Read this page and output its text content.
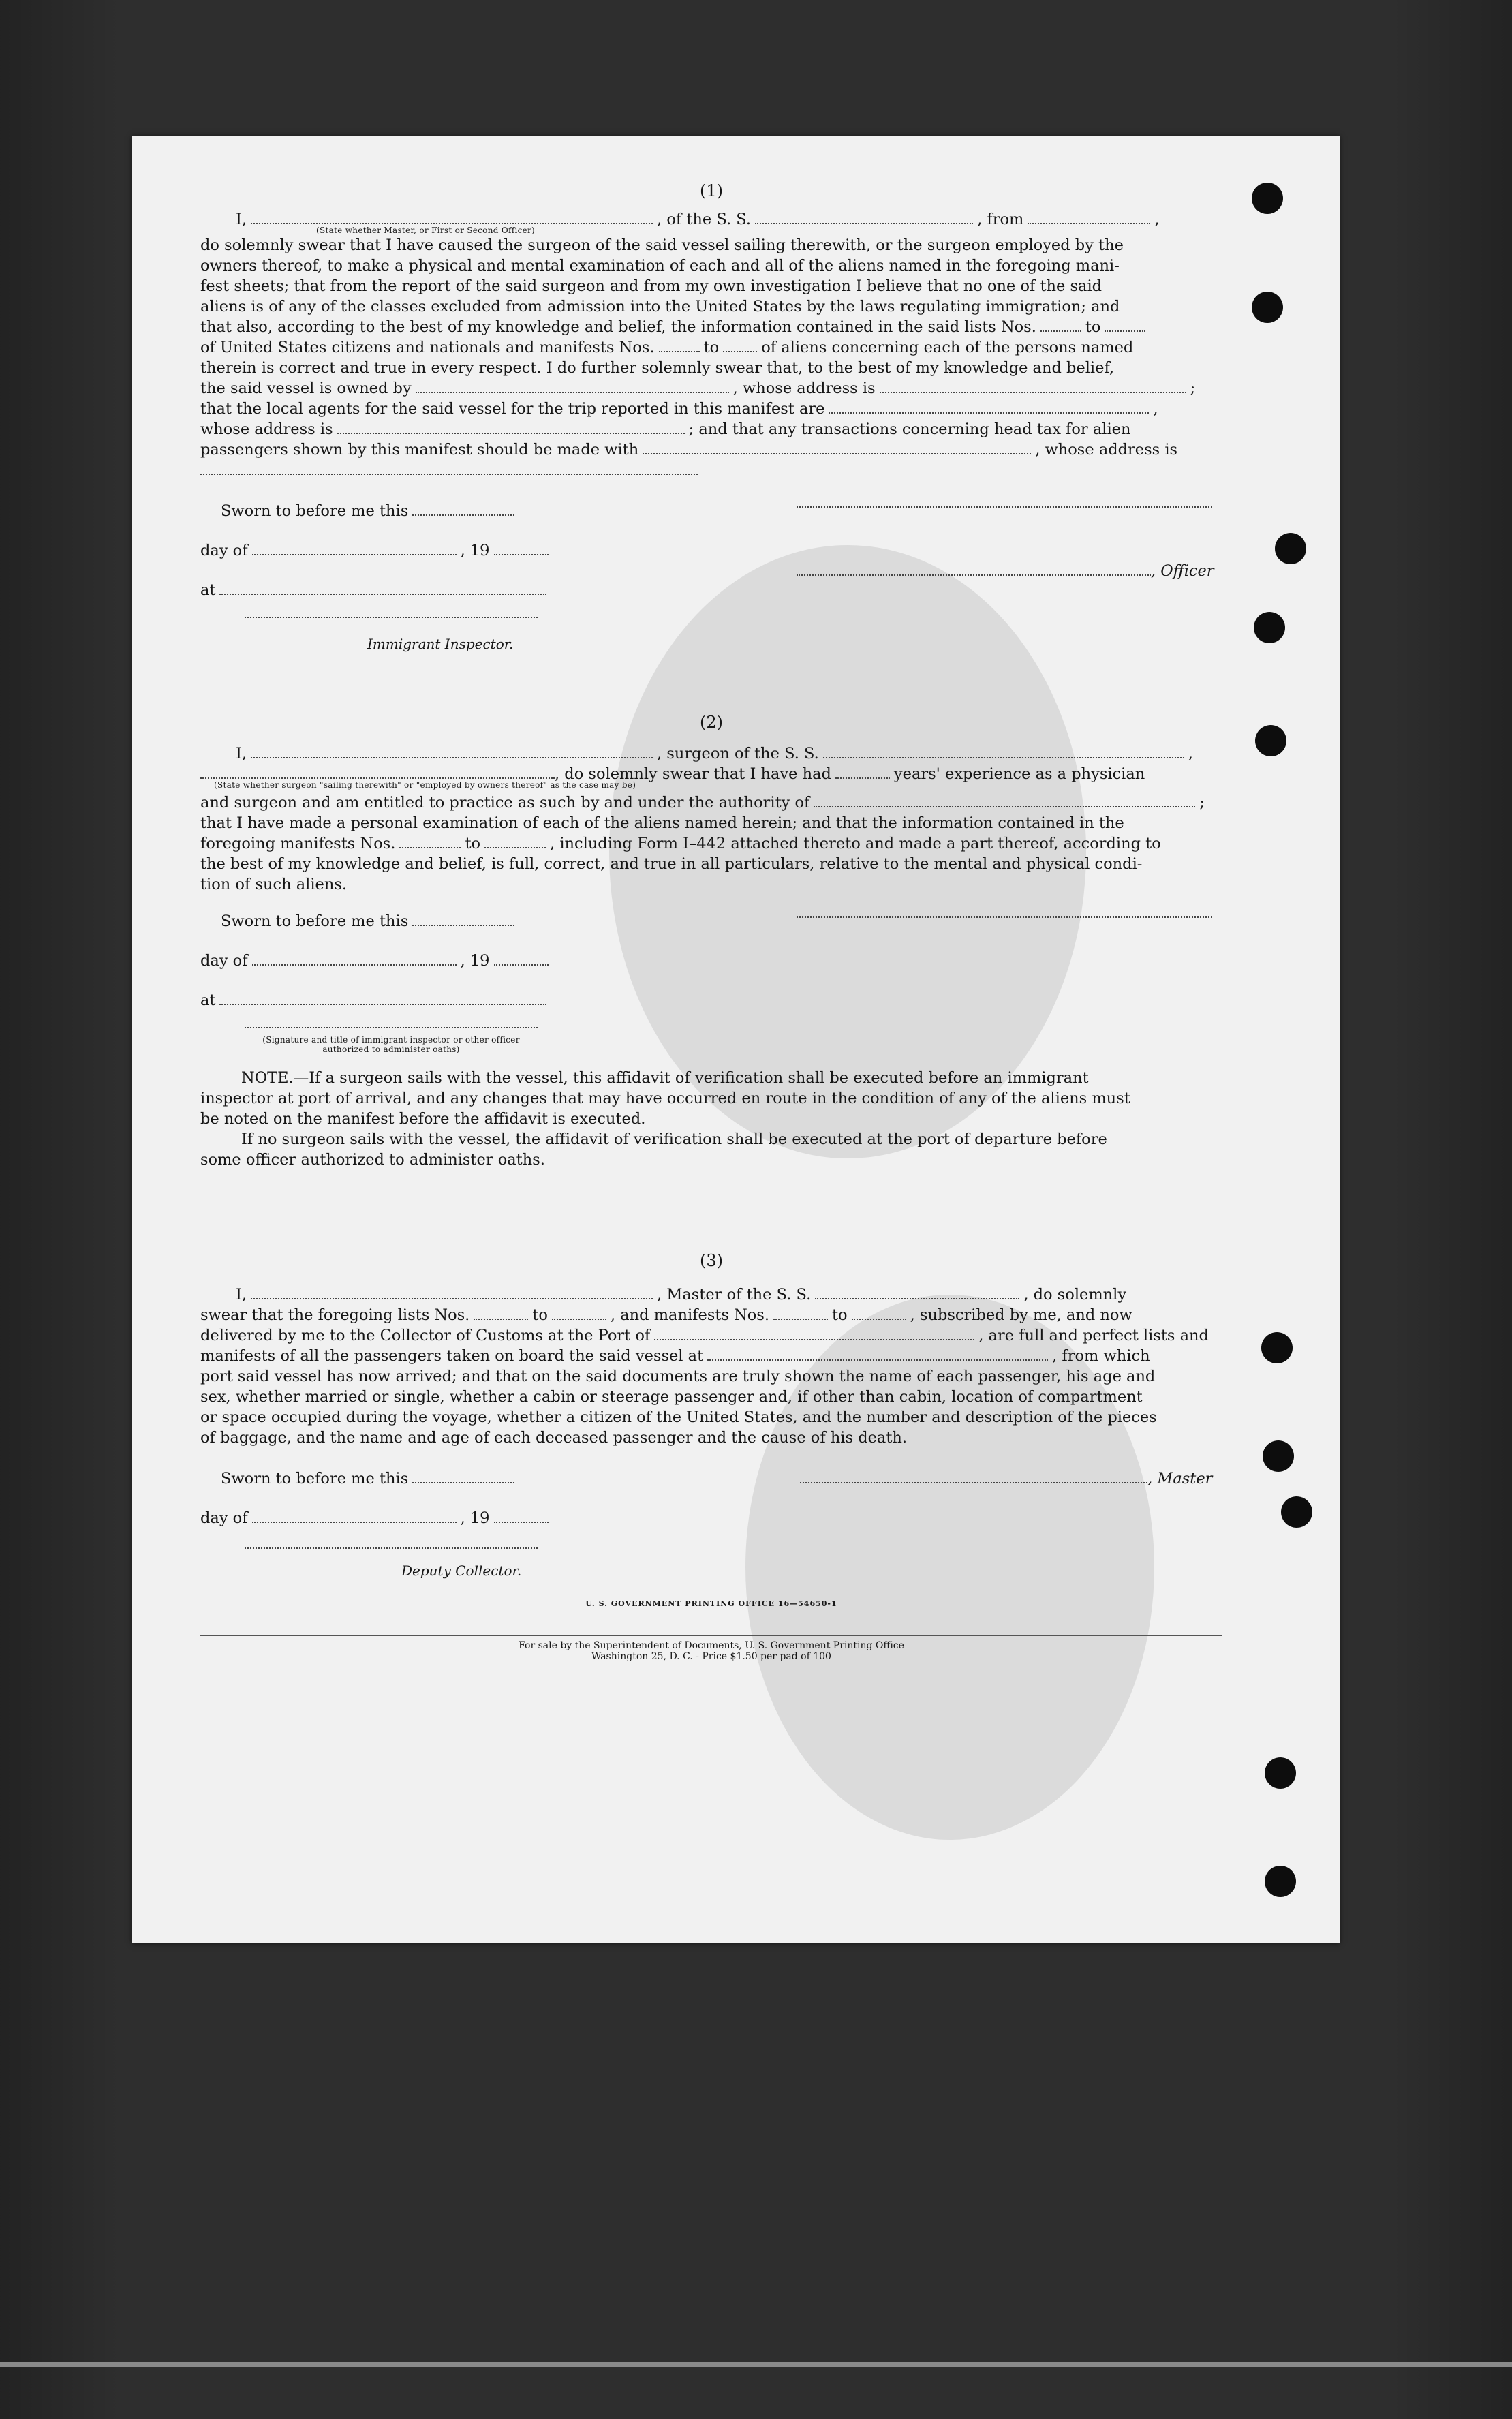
(1)

I,	, of the S. S.	, from	,
(State whether Master, or First or Second Officer)
do solemnly swear that I have caused the surgeon of the said vessel sailing therewith, or the surgeon employed by the
owners thereof, to make a physical and mental examination of each and all of the aliens named in the foregoing mani-
fest sheets; that from the report of the said surgeon and from my own investigation I believe that no one of the said
aliens is of any of the classes excluded from admission into the United States by the laws regulating immigration; and
that also, according to the best of my knowledge and belief, the information contained in the said lists Nos.	to
of United States citizens and nationals and manifests Nos.	to	of aliens concerning each of the persons named
therein is correct and true in every respect. I do further solemnly swear that, to the best of my knowledge and belief,
the said vessel is owned by	, whose address is	;
that the local agents for the said vessel for the trip reported in this manifest are	,
whose address is	; and that any transactions concerning head tax for alien
passengers shown by this manifest should be made with	, whose address is
Sworn to before me this
day of	, 19
, Officer
at
Immigrant Inspector.

(2)

I,	, surgeon of the S. S.	,
, do solemnly swear that I have had	years' experience as a physician
(State whether surgeon "sailing therewith" or "employed by owners thereof" as the case may be)
and surgeon and am entitled to practice as such by and under the authority of	;
that I have made a personal examination of each of the aliens named herein; and that the information contained in the
foregoing manifests Nos.	to	, including Form I–442 attached thereto and made a part thereof, according to
the best of my knowledge and belief, is full, correct, and true in all particulars, relative to the mental and physical condi-
tion of such aliens.
Sworn to before me this
day of	, 19
at
(Signature and title of immigrant inspector or other officer authorized to administer oaths)
NOTE.—If a surgeon sails with the vessel, this affidavit of verification shall be executed before an immigrant
inspector at port of arrival, and any changes that may have occurred en route in the condition of any of the aliens must
be noted on the manifest before the affidavit is executed.
If no surgeon sails with the vessel, the affidavit of verification shall be executed at the port of departure before
some officer authorized to administer oaths.

(3)

I,	, Master of the S. S.	, do solemnly
swear that the foregoing lists Nos.	to	, and manifests Nos.	to	, subscribed by me, and now
delivered by me to the Collector of Customs at the Port of	, are full and perfect lists and
manifests of all the passengers taken on board the said vessel at	, from which
port said vessel has now arrived; and that on the said documents are truly shown the name of each passenger, his age and
sex, whether married or single, whether a cabin or steerage passenger and, if other than cabin, location of compartment
or space occupied during the voyage, whether a citizen of the United States, and the number and description of the pieces
of baggage, and the name and age of each deceased passenger and the cause of his death.
Sworn to before me this	, Master
day of	, 19
Deputy Collector.
U. S. GOVERNMENT PRINTING OFFICE 16—54650-1
For sale by the Superintendent of Documents, U. S. Government Printing Office
Washington 25, D. C. - Price $1.50 per pad of 100
